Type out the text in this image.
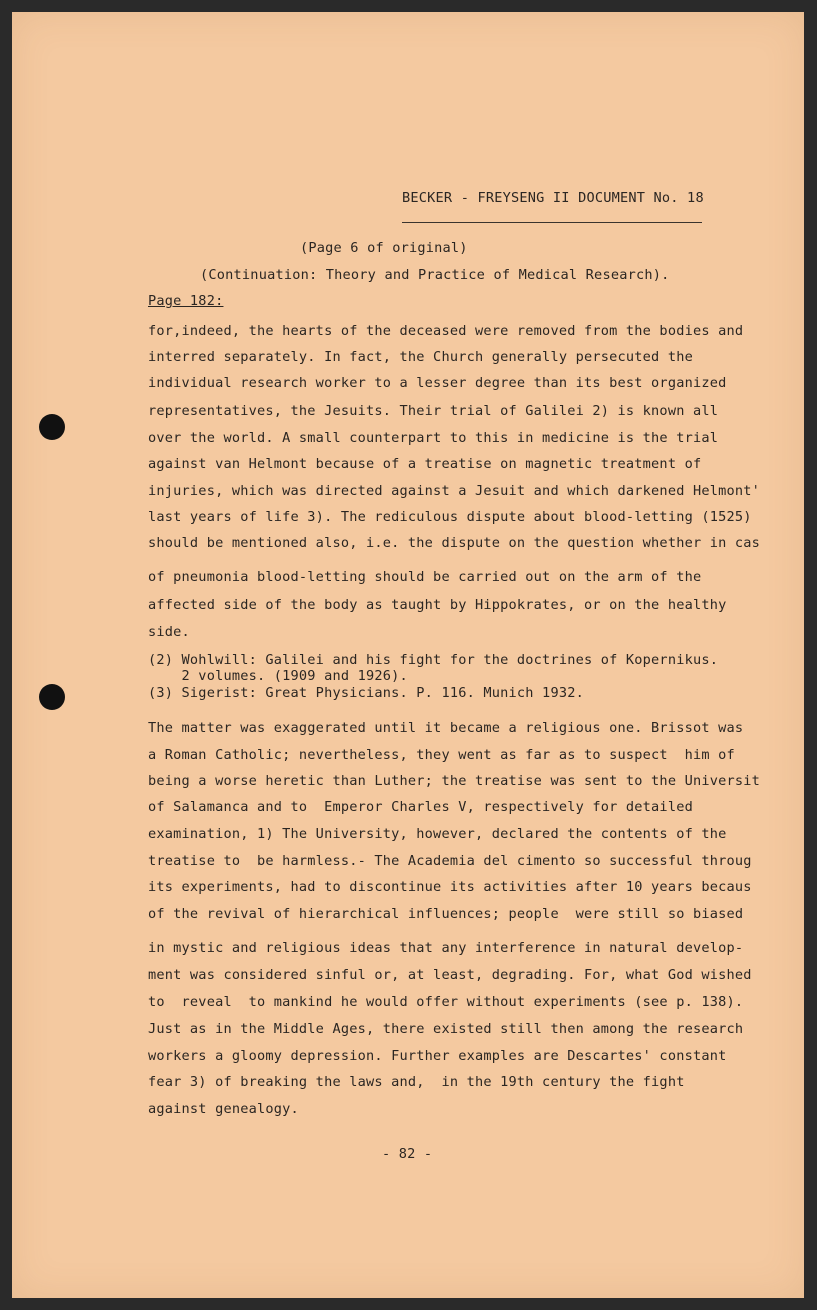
BECKER - FREYSENG II DOCUMENT No. 18
(Page 6 of original)
(Continuation: Theory and Practice of Medical Research).
Page 182:
for,indeed, the hearts of the deceased were removed from the bodies and
interred separately. In fact, the Church generally persecuted the
individual research worker to a lesser degree than its best organized
representatives, the Jesuits. Their trial of Galilei 2) is known all
over the world. A small counterpart to this in medicine is the trial
against van Helmont because of a treatise on magnetic treatment of
injuries, which was directed against a Jesuit and which darkened Helmont'
last years of life 3). The rediculous dispute about blood-letting (1525)
should be mentioned also, i.e. the dispute on the question whether in cas
of pneumonia blood-letting should be carried out on the arm of the
affected side of the body as taught by Hippokrates, or on the healthy
side.
(2) Wohlwill: Galilei and his fight for the doctrines of Kopernikus.
2 volumes. (1909 and 1926).
(3) Sigerist: Great Physicians. P. 116. Munich 1932.
The matter was exaggerated until it became a religious one. Brissot was
a Roman Catholic; nevertheless, they went as far as to suspect  him of
being a worse heretic than Luther; the treatise was sent to the Universit
of Salamanca and to  Emperor Charles V, respectively for detailed
examination, 1) The University, however, declared the contents of the
treatise to  be harmless.- The Academia del cimento so successful throug
its experiments, had to discontinue its activities after 10 years becaus
of the revival of hierarchical influences; people  were still so biased
in mystic and religious ideas that any interference in natural develop-
ment was considered sinful or, at least, degrading. For, what God wished
to  reveal  to mankind he would offer without experiments (see p. 138).
Just as in the Middle Ages, there existed still then among the research
workers a gloomy depression. Further examples are Descartes' constant
fear 3) of breaking the laws and,  in the 19th century the fight
against genealogy.
- 82 -
